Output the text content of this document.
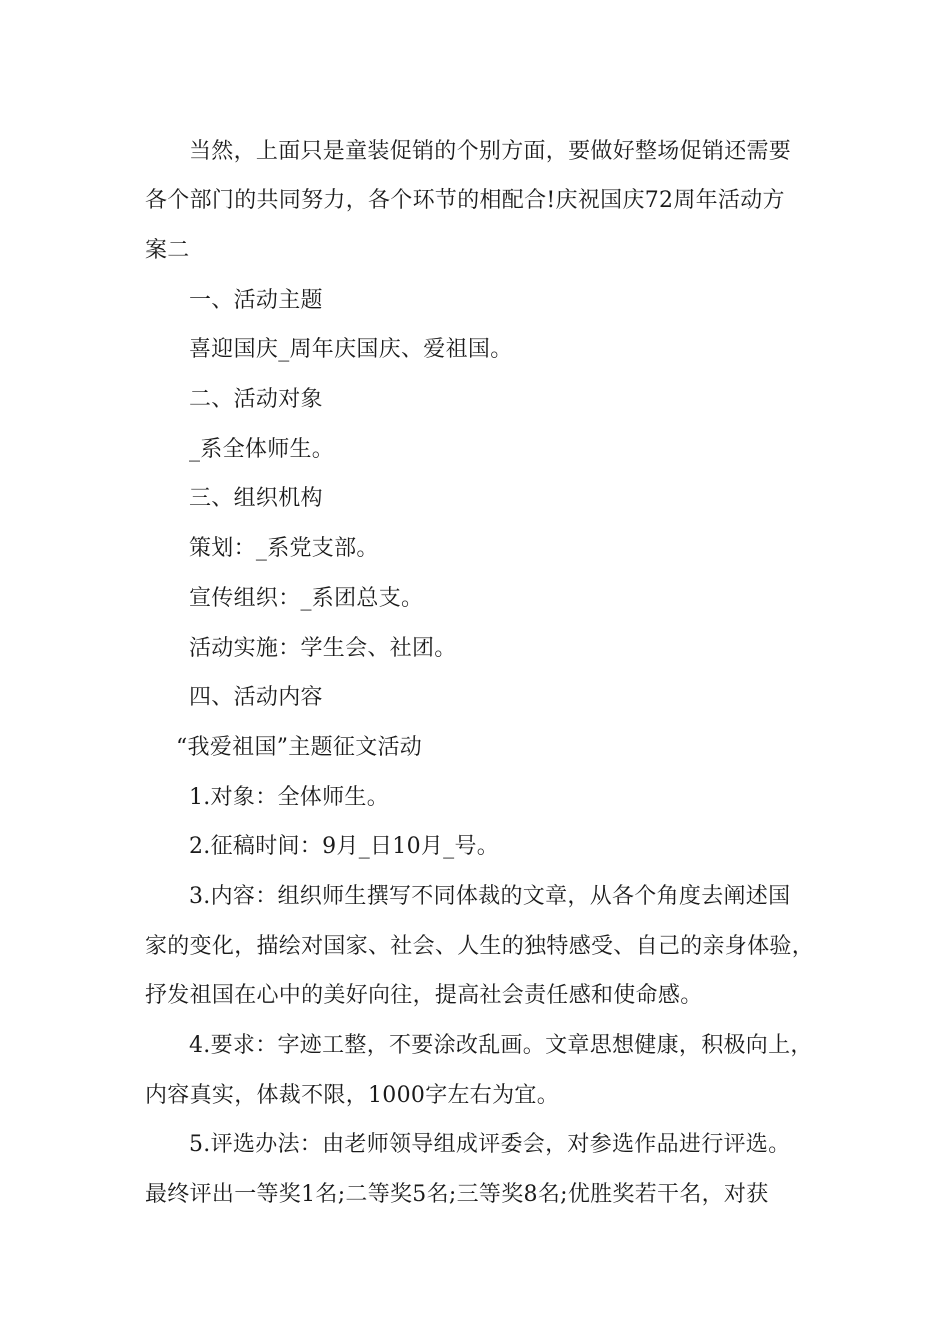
当然，上面只是童装促销的个别方面，要做好整场促销还需要
各个部门的共同努力，各个环节的相配合!庆祝国庆72周年活动方
案二
一、活动主题
喜迎国庆_周年庆国庆、爱祖国。
二、活动对象
_系全体师生。
三、组织机构
策划：_系党支部。
宣传组织：_系团总支。
活动实施：学生会、社团。
四、活动内容
“我爱祖国”主题征文活动
1.对象：全体师生。
2.征稿时间：9月_日10月_号。
3.内容：组织师生撰写不同体裁的文章，从各个角度去阐述国
家的变化，描绘对国家、社会、人生的独特感受、自己的亲身体验，
抒发祖国在心中的美好向往，提高社会责任感和使命感。
4.要求：字迹工整，不要涂改乱画。文章思想健康，积极向上，
内容真实，体裁不限，1000字左右为宜。
5.评选办法：由老师领导组成评委会，对参选作品进行评选。
最终评出一等奖1名;二等奖5名;三等奖8名;优胜奖若干名，对获
